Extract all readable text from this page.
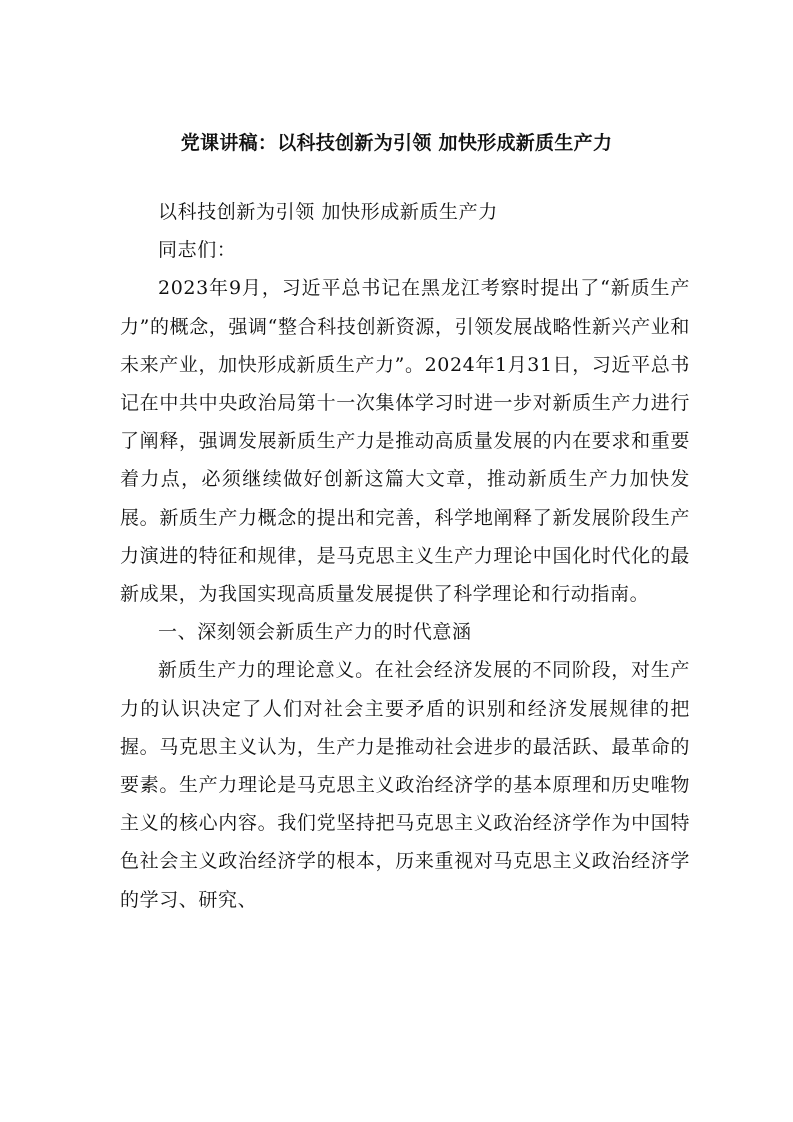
党课讲稿：以科技创新为引领 加快形成新质生产力

以科技创新为引领 加快形成新质生产力

同志们：

2023年9月，习近平总书记在黑龙江考察时提出了“新质生产力”的概念，强调“整合科技创新资源，引领发展战略性新兴产业和未来产业，加快形成新质生产力”。2024年1月31日，习近平总书记在中共中央政治局第十一次集体学习时进一步对新质生产力进行了阐释，强调发展新质生产力是推动高质量发展的内在要求和重要着力点，必须继续做好创新这篇大文章，推动新质生产力加快发展。新质生产力概念的提出和完善，科学地阐释了新发展阶段生产力演进的特征和规律，是马克思主义生产力理论中国化时代化的最新成果，为我国实现高质量发展提供了科学理论和行动指南。

一、深刻领会新质生产力的时代意涵

新质生产力的理论意义。在社会经济发展的不同阶段，对生产力的认识决定了人们对社会主要矛盾的识别和经济发展规律的把握。马克思主义认为，生产力是推动社会进步的最活跃、最革命的要素。生产力理论是马克思主义政治经济学的基本原理和历史唯物主义的核心内容。我们党坚持把马克思主义政治经济学作为中国特色社会主义政治经济学的根本，历来重视对马克思主义政治经济学的学习、研究、
